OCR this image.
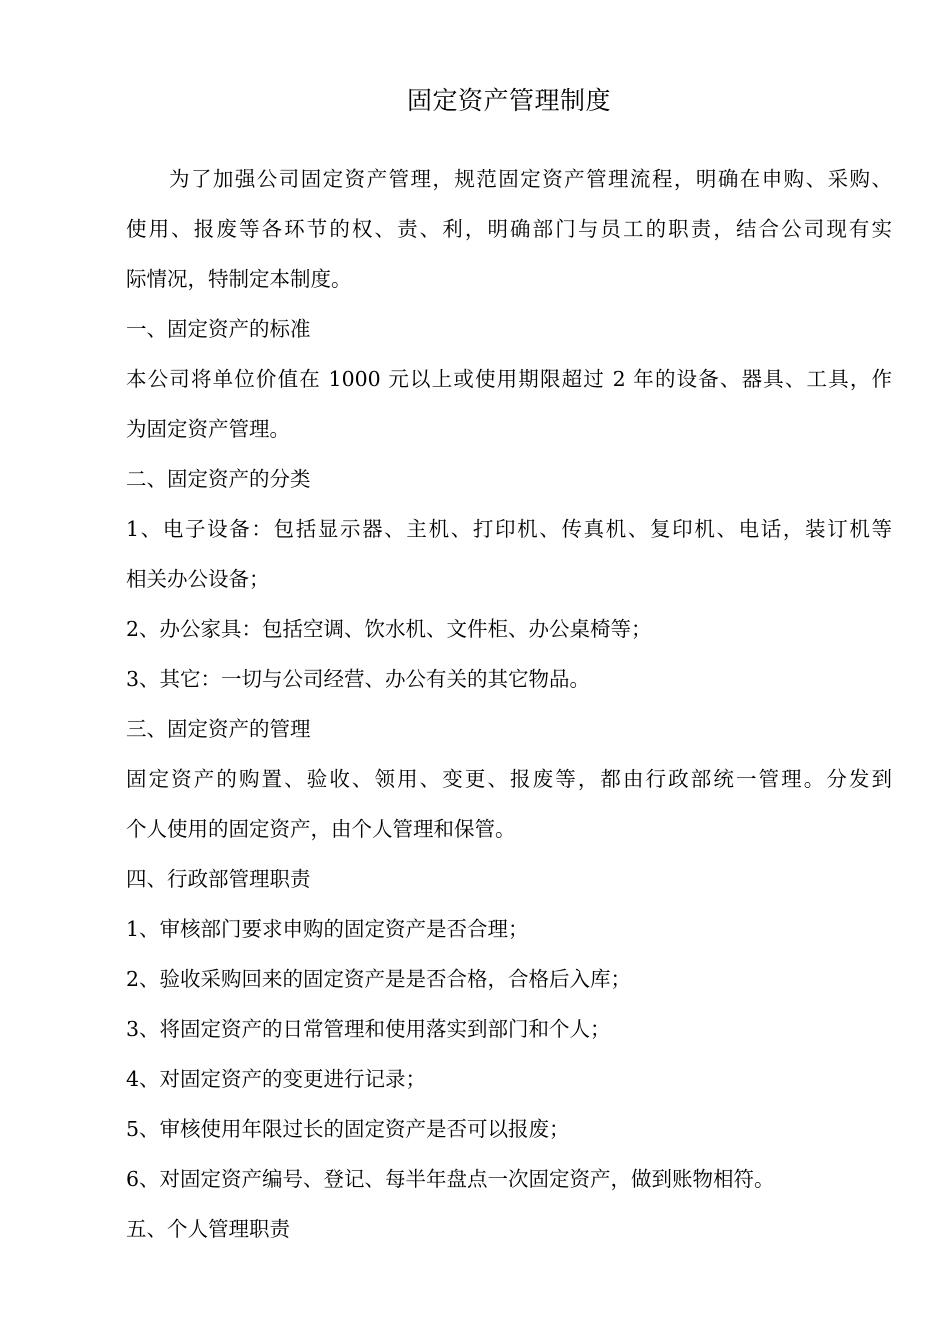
固定资产管理制度

为了加强公司固定资产管理，规范固定资产管理流程，明确在申购、采购、

使用、报废等各环节的权、责、利，明确部门与员工的职责，结合公司现有实

际情况，特制定本制度。

一、固定资产的标准

本公司将单位价值在 1000 元以上或使用期限超过 2 年的设备、器具、工具，作

为固定资产管理。

二、固定资产的分类

1、电子设备：包括显示器、主机、打印机、传真机、复印机、电话，装订机等

相关办公设备；

2、办公家具：包括空调、饮水机、文件柜、办公桌椅等；

3、其它：一切与公司经营、办公有关的其它物品。

三、固定资产的管理

固定资产的购置、验收、领用、变更、报废等，都由行政部统一管理。分发到

个人使用的固定资产，由个人管理和保管。

四、行政部管理职责

1、审核部门要求申购的固定资产是否合理；

2、验收采购回来的固定资产是是否合格，合格后入库；

3、将固定资产的日常管理和使用落实到部门和个人；

4、对固定资产的变更进行记录；

5、审核使用年限过长的固定资产是否可以报废；

6、对固定资产编号、登记、每半年盘点一次固定资产，做到账物相符。

五、个人管理职责
